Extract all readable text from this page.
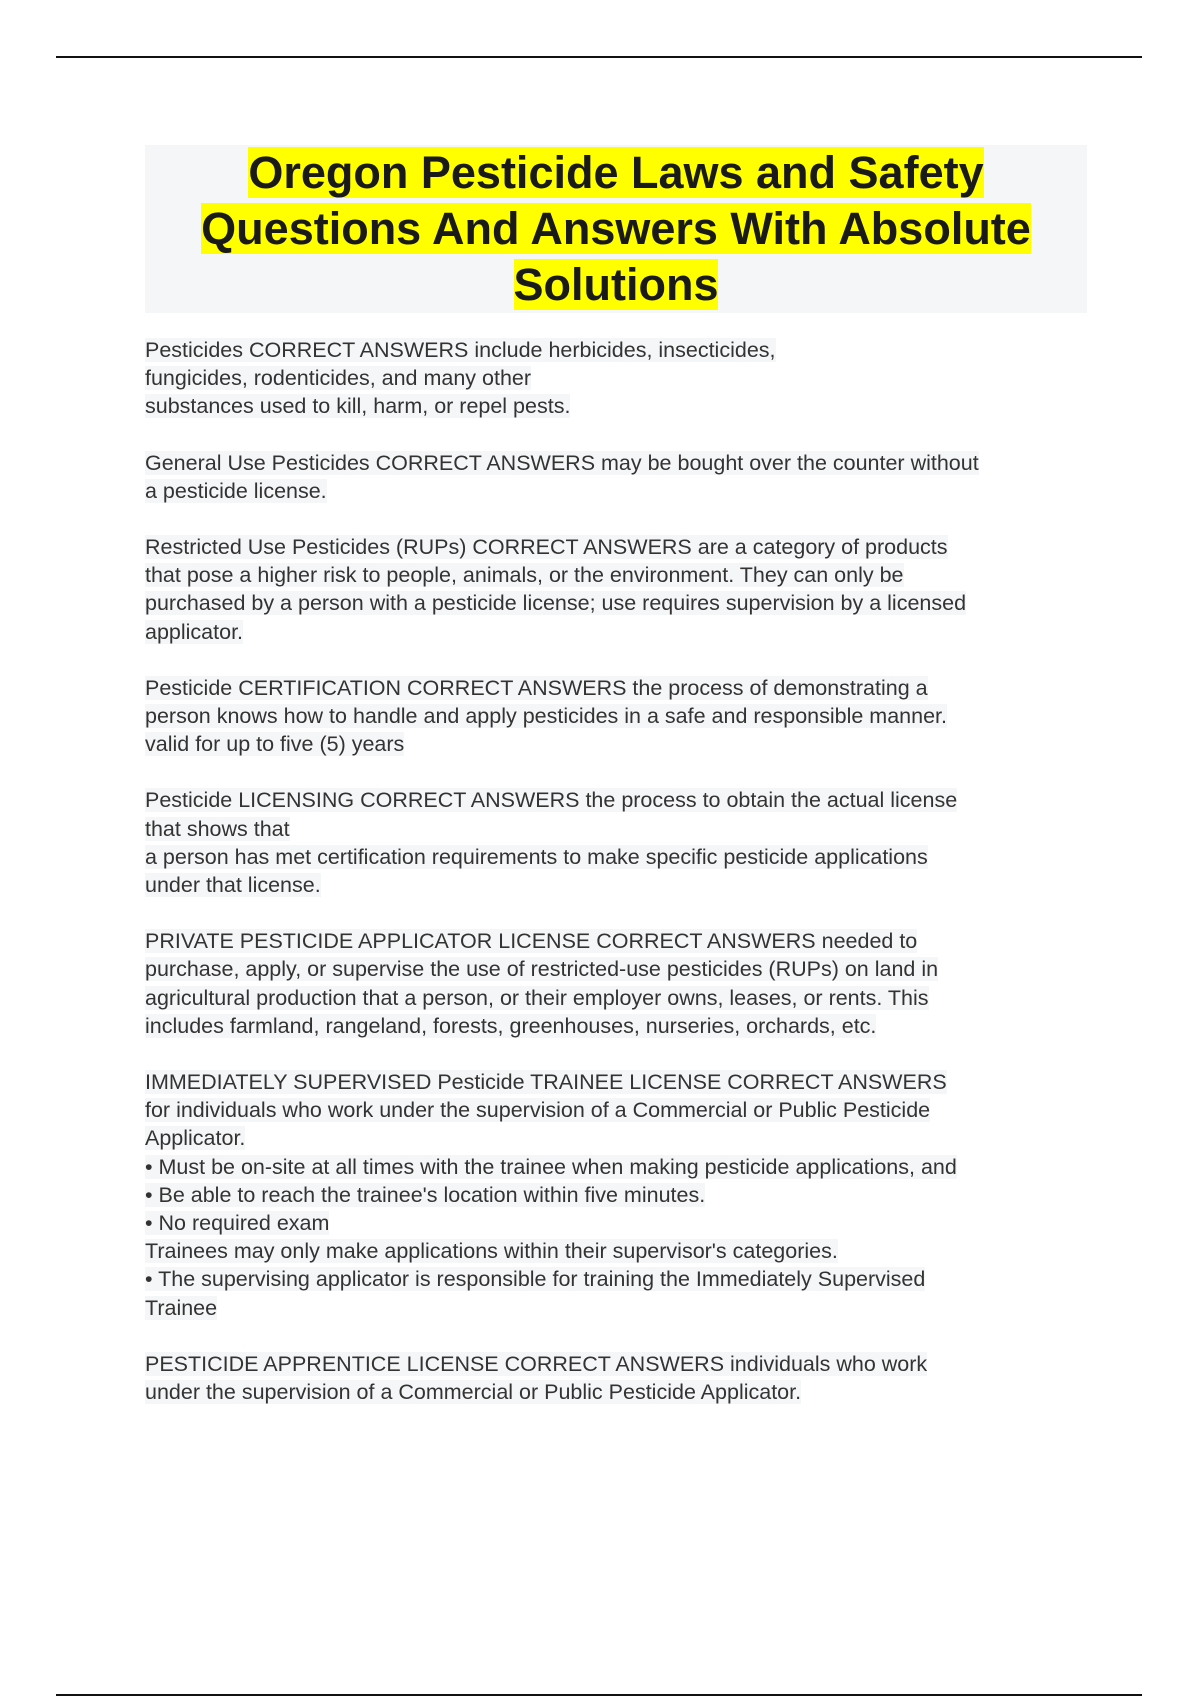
Oregon Pesticide Laws and Safety Questions And Answers With Absolute Solutions
Pesticides CORRECT ANSWERS include herbicides, insecticides,
fungicides, rodenticides, and many other
substances used to kill, harm, or repel pests.
General Use Pesticides CORRECT ANSWERS may be bought over the counter without
a pesticide license.
Restricted Use Pesticides (RUPs) CORRECT ANSWERS are a category of products
that pose a higher risk to people, animals, or the environment. They can only be
purchased by a person with a pesticide license; use requires supervision by a licensed
applicator.
Pesticide CERTIFICATION CORRECT ANSWERS the process of demonstrating a
person knows how to handle and apply pesticides in a safe and responsible manner.
valid for up to five (5) years
Pesticide LICENSING CORRECT ANSWERS the process to obtain the actual license
that shows that
a person has met certification requirements to make specific pesticide applications
under that license.
PRIVATE PESTICIDE APPLICATOR LICENSE CORRECT ANSWERS needed to
purchase, apply, or supervise the use of restricted-use pesticides (RUPs) on land in
agricultural production that a person, or their employer owns, leases, or rents. This
includes farmland, rangeland, forests, greenhouses, nurseries, orchards, etc.
IMMEDIATELY SUPERVISED Pesticide TRAINEE LICENSE CORRECT ANSWERS
for individuals who work under the supervision of a Commercial or Public Pesticide
Applicator.
• Must be on-site at all times with the trainee when making pesticide applications, and
• Be able to reach the trainee's location within five minutes.
• No required exam
Trainees may only make applications within their supervisor's categories.
• The supervising applicator is responsible for training the Immediately Supervised
Trainee
PESTICIDE APPRENTICE LICENSE CORRECT ANSWERS individuals who work
under the supervision of a Commercial or Public Pesticide Applicator.
